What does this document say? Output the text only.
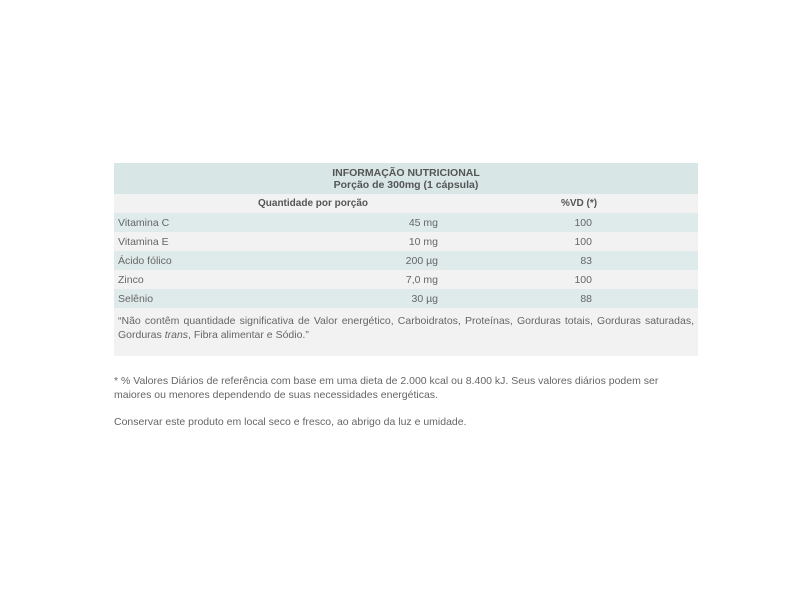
INFORMAÇÃO NUTRICIONAL
Porção de 300mg (1 cápsula)		

Quantidade por porção		%VD (*)
Vitamina C	45 mg	100
Vitamina E	10 mg	100
Ácido fólico	200 µg	83
Zinco	7,0 mg	100
Selênio	30 µg	88
“Não contêm quantidade significativa de Valor energético, Carboidratos, Proteínas, Gorduras totais, Gorduras saturadas, Gorduras trans, Fibra alimentar e Sódio.”		

* % Valores Diários de referência com base em uma dieta de 2.000 kcal ou 8.400 kJ. Seus valores diários podem ser maiores ou menores dependendo de suas necessidades energéticas.

Conservar este produto em local seco e fresco, ao abrigo da luz e umidade.
